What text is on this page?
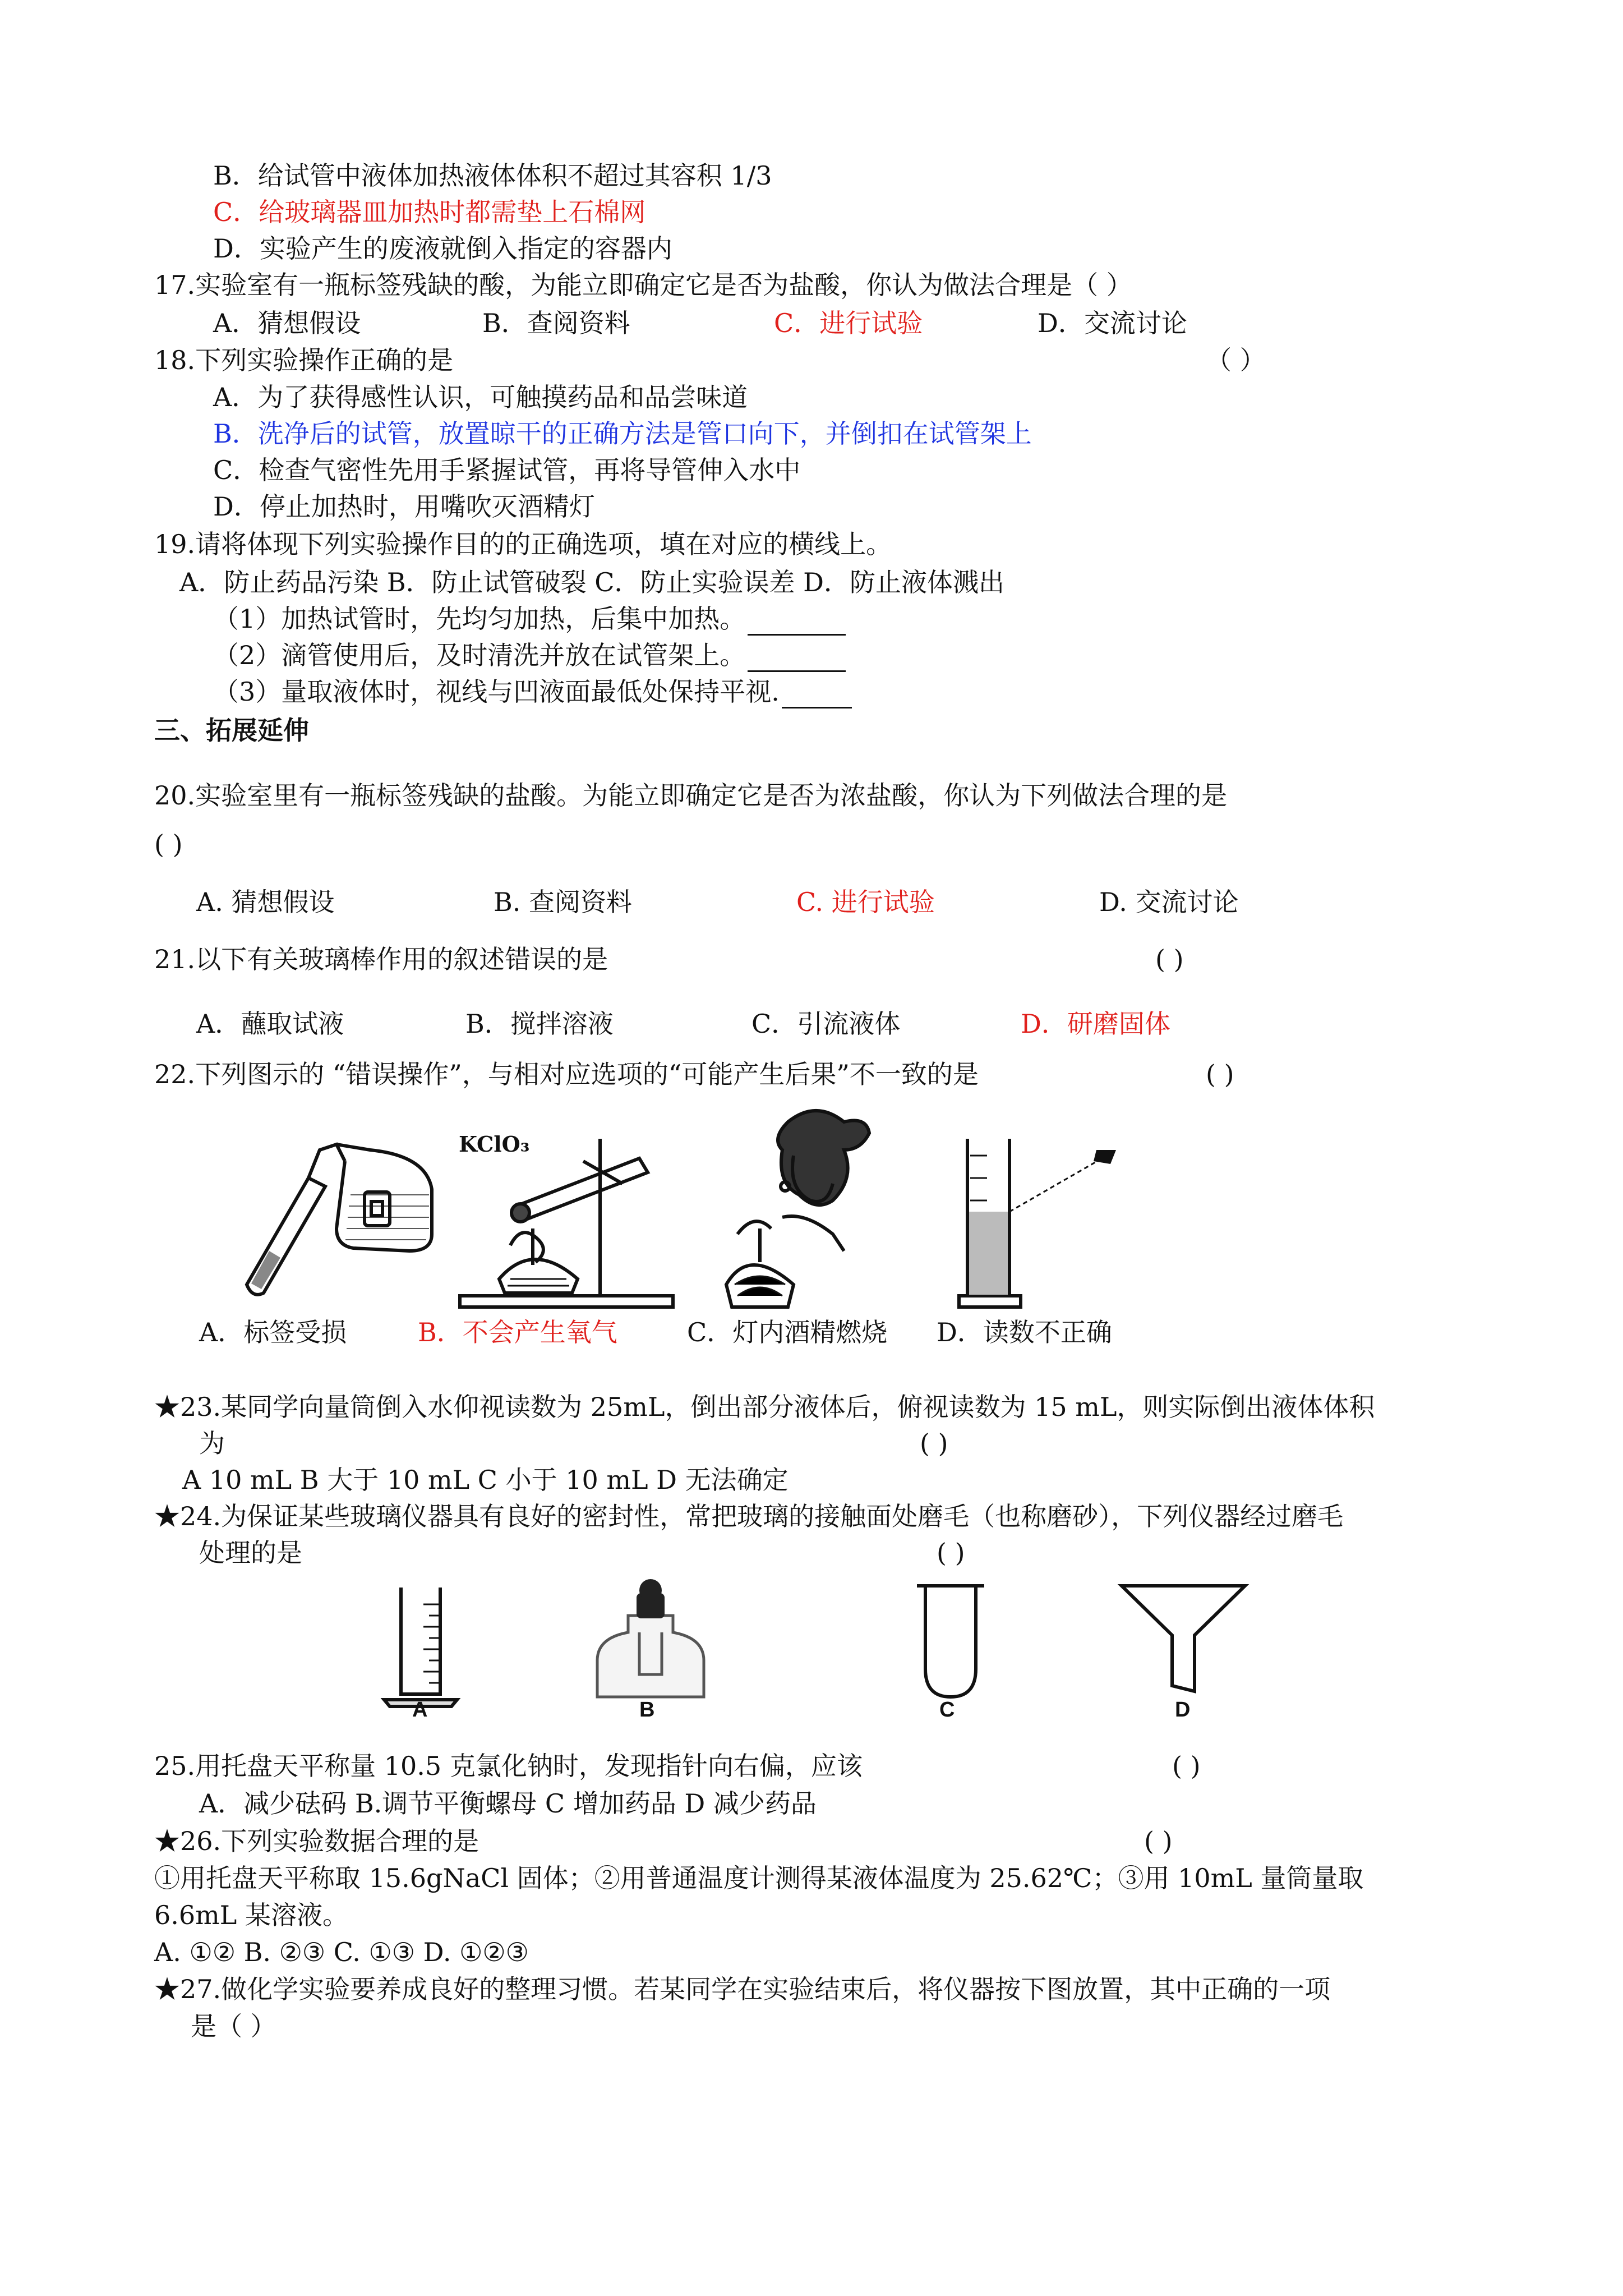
B．给试管中液体加热液体体积不超过其容积 1/3
C．给玻璃器皿加热时都需垫上石棉网
D．实验产生的废液就倒入指定的容器内
17.实验室有一瓶标签残缺的酸，为能立即确定它是否为盐酸，你认为做法合理是（ ）
A．猜想假设	B．查阅资料	C．进行试验	D．交流讨论
18.下列实验操作正确的是	（ ）
A．为了获得感性认识，可触摸药品和品尝味道
B．洗净后的试管，放置晾干的正确方法是管口向下，并倒扣在试管架上
C．检查气密性先用手紧握试管，再将导管伸入水中
D．停止加热时，用嘴吹灭酒精灯
19.请将体现下列实验操作目的的正确选项，填在对应的横线上。
A．防止药品污染 B．防止试管破裂 C．防止实验误差 D．防止液体溅出
（1）加热试管时，先均匀加热，后集中加热。
（2）滴管使用后，及时清洗并放在试管架上。
（3）量取液体时，视线与凹液面最低处保持平视.
三、拓展延伸
20.实验室里有一瓶标签残缺的盐酸。为能立即确定它是否为浓盐酸，你认为下列做法合理的是
( )
A. 猜想假设	B. 查阅资料	C. 进行试验	D. 交流讨论
21.以下有关玻璃棒作用的叙述错误的是	( )
A．蘸取试液	B．搅拌溶液	C．引流液体	D．研磨固体
22.下列图示的 “错误操作”，与相对应选项的“可能产生后果”不一致的是	( )
KClO₃
A．标签受损	B．不会产生氧气	C．灯内酒精燃烧 D．读数不正确
★23.某同学向量筒倒入水仰视读数为 25mL，倒出部分液体后，俯视读数为 15 mL，则实际倒出液体体积
为	( )
A 10 mL B 大于 10 mL C 小于 10 mL D 无法确定
★24.为保证某些玻璃仪器具有良好的密封性，常把玻璃的接触面处磨毛（也称磨砂），下列仪器经过磨毛
处理的是	( )
A	B	C	D
25.用托盘天平称量 10.5 克氯化钠时，发现指针向右偏，应该	( )
A．减少砝码 B.调节平衡螺母 C 增加药品 D 减少药品
★26.下列实验数据合理的是	( )
①用托盘天平称取 15.6gNaCl 固体；②用普通温度计测得某液体温度为 25.62℃；③用 10mL 量筒量取
6.6mL 某溶液。
A. ①② B. ②③ C. ①③ D. ①②③
★27.做化学实验要养成良好的整理习惯。若某同学在实验结束后，将仪器按下图放置，其中正确的一项
是（ ）
